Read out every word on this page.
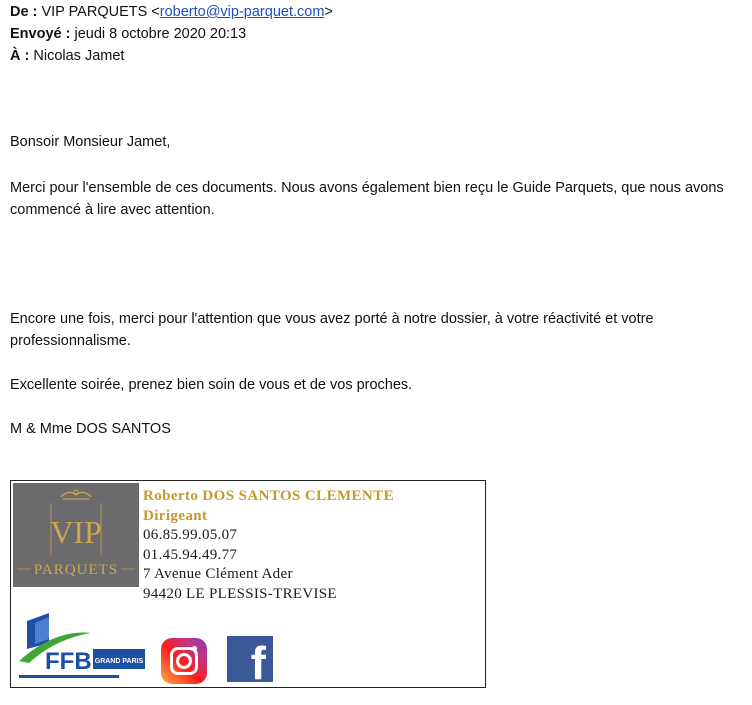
De : VIP PARQUETS <roberto@vip-parquet.com>
Envoyé : jeudi 8 octobre 2020 20:13
À : Nicolas Jamet

Bonsoir Monsieur Jamet,

Merci pour l'ensemble de ces documents. Nous avons également bien reçu le Guide Parquets, que nous avons commencé à lire avec attention.

Encore une fois, merci pour l'attention que vous avez porté à notre dossier, à votre réactivité et votre professionnalisme.

Excellente soirée, prenez bien soin de vous et de vos proches.

M & Mme DOS SANTOS

VIP
PARQUETS
Roberto DOS SANTOS CLEMENTE
Dirigeant
06.85.99.05.07
01.45.94.49.77
7 Avenue Clément Ader
94420 LE PLESSIS-TREVISE
FFB GRAND PARIS f
